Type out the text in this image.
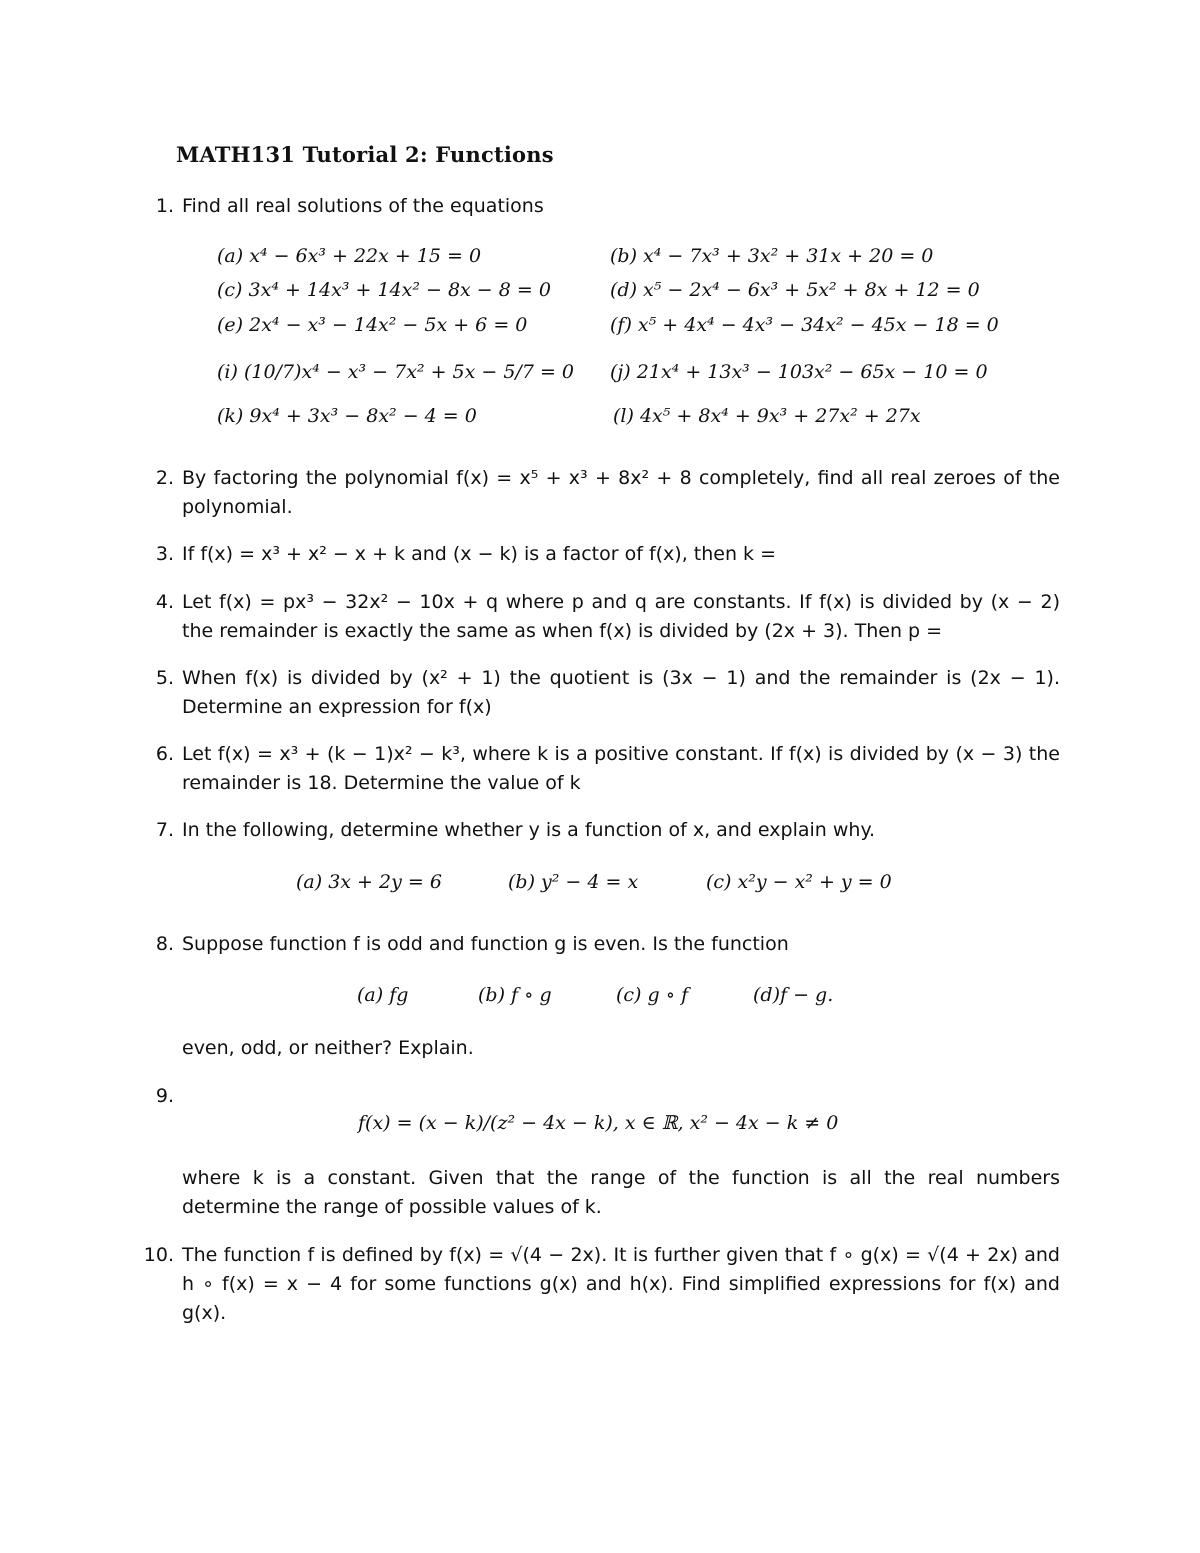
MATH131 Tutorial 2: Functions
1. Find all real solutions of the equations
(a) x⁴ − 6x³ + 22x + 15 = 0	(b) x⁴ − 7x³ + 3x² + 31x + 20 = 0
(c) 3x⁴ + 14x³ + 14x² − 8x − 8 = 0	(d) x⁵ − 2x⁴ − 6x³ + 5x² + 8x + 12 = 0
(e) 2x⁴ − x³ − 14x² − 5x + 6 = 0	(f) x⁵ + 4x⁴ − 4x³ − 34x² − 45x − 18 = 0
(i) (10/7)x⁴ − x³ − 7x² + 5x − 5/7 = 0 (j) 21x⁴ + 13x³ − 103x² − 65x − 10 = 0
(k) 9x⁴ + 3x³ − 8x² − 4 = 0	(l) 4x⁵ + 8x⁴ + 9x³ + 27x² + 27x
2. By factoring the polynomial f(x) = x⁵ + x³ + 8x² + 8 completely, find all real zeroes of the polynomial.
3. If f(x) = x³ + x² − x + k and (x − k) is a factor of f(x), then k =
4. Let f(x) = px³ − 32x² − 10x + q where p and q are constants. If f(x) is divided by (x − 2) the remainder is exactly the same as when f(x) is divided by (2x + 3). Then p =
5. When f(x) is divided by (x² + 1) the quotient is (3x − 1) and the remainder is (2x − 1). Determine an expression for f(x)
6. Let f(x) = x³ + (k − 1)x² − k³, where k is a positive constant. If f(x) is divided by (x − 3) the remainder is 18. Determine the value of k
7. In the following, determine whether y is a function of x, and explain why.
(a) 3x + 2y = 6	(b) y² − 4 = x	(c) x²y − x² + y = 0
8. Suppose function f is odd and function g is even. Is the function
(a) fg	(b) f ∘ g	(c) g ∘ f	(d)f − g.
even, odd, or neither? Explain.
9.
f(x) = (x − k)/(z² − 4x − k), x ∈ ℝ, x² − 4x − k ≠ 0
where k is a constant. Given that the range of the function is all the real numbers determine the range of possible values of k.
10. The function f is defined by f(x) = √(4 − 2x). It is further given that f ∘ g(x) = √(4 + 2x) and h ∘ f(x) = x − 4 for some functions g(x) and h(x). Find simplified expressions for f(x) and g(x).
